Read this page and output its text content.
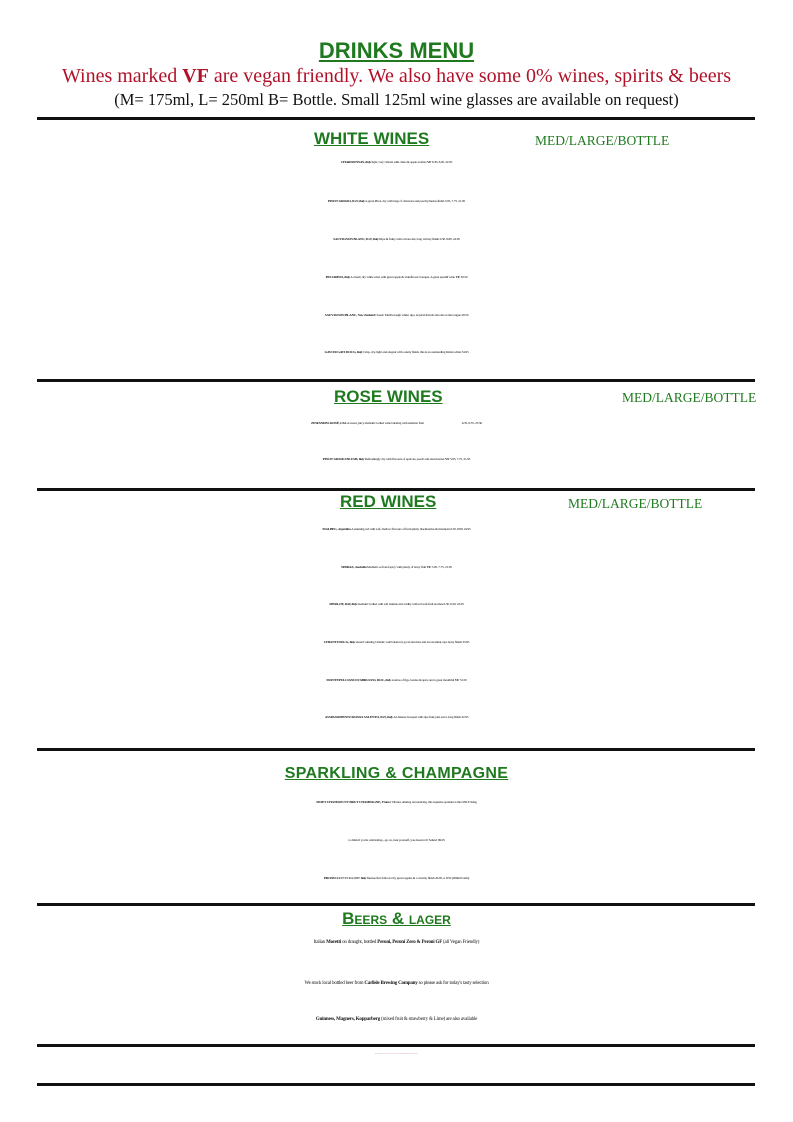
DRINKS MENU
Wines marked VF are vegan friendly. We also have some 0% wines, spirits & beers
(M= 175ml, L= 250ml B= Bottle. Small 125ml wine glasses are available on request)
WHITE WINES	MED/LARGE/BOTTLE
CHARDONNAY, Italy light, very vibrant with citrus & apple aromas VF 6.30, 8.20, 22.95
PINOT GRIGIO, IGT, Italy A great Pinot, dry with bags of character and peachy/melon finish 5.95, 7.75, 21.95
SAUVIGNON BLANC, IGT, Italy Ripe & fruity with a more-ish, long velvety finish 6.50, 8.80, 24.95
PECORINO, Italy A classic dry white wine with green apple & elderflower bouquet. A great aperitif wine VF 30.50
SAUVIGNON BLANC, New Zealand Classic Marlborough white; ripe, tropical fruit & smooth on the tongue 29.50
GAVI DI GAVI DOCG, Italy Crisp, dry, light and elegant with a nutty finish, this is an outstanding Italian white 34.95
ROSE WINES	MED/LARGE/BOTTLE
ZINFANDEL ROSÉ, USA A sweet, juicy medium bodied wine bursting with summer fruit	6.35, 8.35, 23.50
PINOT GRIGIO BLUSH, Italy Refreshingly dry with flavours of apricots, peach and strawberries VF 5.95, 7.75, 21.95
RED WINES	MED/LARGE/BOTTLE
MALBEC, Argentina A stunning red with soft, mellow flavours of fresh plum, blackberries & marzipan 6.50, 8.80, 24.95
SHIRAZ, Australia Medium, soft and spicy with plenty of berry fruit VF 5.95, 7.75, 21.95
MERLOT, IGP, Italy medium bodied with soft tannins and acidity with red soft-fruit aromas 6.30, 8.20, 22.95
CHIANTI DOCG, Italy Award winning Chianti; well balanced, good structure and an excellent, ripe berry finish 33.95
MONTEPULCIANO D'ABRUZZO, DOC, Italy aromas of figs, berries & spice and a great mouthful VF 31.50
ASSPASSIMENTO ROSSO SALENTO, IGT, Italy An intense bouquet with ripe fruit, jam and a long finish 32.95
SPARKLING & CHAMPAGNE
MOET CHANDON NV BRUT CHAMPAGNE, France Vibrant, alluring and enticing, this supreme sparkler is the ONLY thing
to drink if you're celebrating....go on, treat yourself, you deserve it! Salute! 69.95
PROSECCO EXTRA DRY Italy Intense fizz followed by green apples & a creamy finish 26.95 or 8.50 (200ml bottle)
Beers & lager
Italian Moretti on draught, bottled Peroni, Peroni Zero & Peroni GF (all Vegan Friendly)
We stock local bottled beer from Carlisle Brewing Company so please ask for today's tasty selection
Guinness, Magners, Kopparberg (mixed fruit & strawberry & Lime) are also available
PLEASE NOTE: We reserve the right to alter the above wine variants without prior notice when necessary.
